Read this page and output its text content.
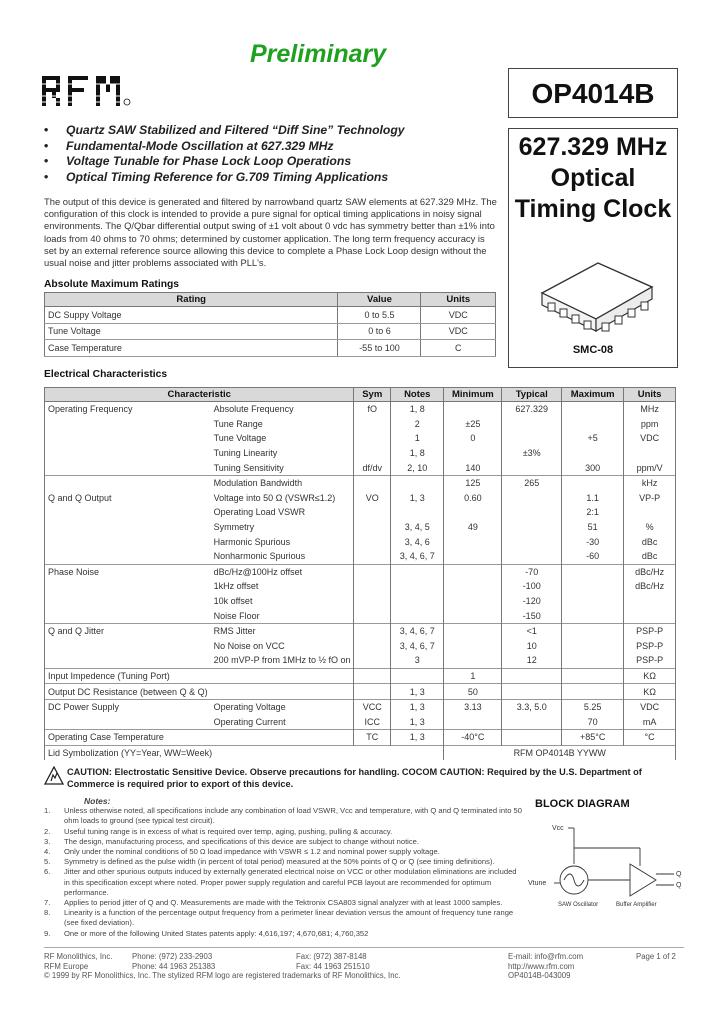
Preliminary
OP4014B
627.329 MHz
Optical
Timing Clock
SMC-08
• Quartz SAW Stabilized and Filtered “Diff Sine” Technology
• Fundamental-Mode Oscillation at 627.329 MHz
• Voltage Tunable for Phase Lock Loop Operations
• Optical Timing Reference for G.709 Timing Applications
The output of this device is generated and filtered by narrowband quartz SAW elements at 627.329 MHz. The configuration of this clock is intended to provide a pure signal for optical timing applications in noisy signal environments. The Q/Qbar differential output swing of ±1 volt about 0 vdc has symmetry better than ±1% into loads from 40 ohms to 70 ohms; determined by customer application. The long term frequency accuracy is set by an external reference source allowing this device to complete a Phase Lock Loop design without the usual noise and jitter problems associated with PLL's.
Absolute Maximum Ratings
Rating	Value	Units
DC Suppy Voltage	0 to 5.5	VDC
Tune Voltage	0 to 6	VDC
Case Temperature	-55 to 100	C
Electrical Characteristics
Characteristic		Sym	Notes	Minimum	Typical	Maximum	Units
Operating Frequency	Absolute Frequency	fO	1, 8		627.329		MHz
	Tune Range		2	±25			ppm
	Tune Voltage		1	0		+5	VDC
	Tuning Linearity		1, 8		±3%		
	Tuning Sensitivity	df/dv	2, 10	140		300	ppm/V
	Modulation Bandwidth			125	265		kHz
Q and Q Output	Voltage into 50 Ω (VSWR≤1.2)	VO	1, 3	0.60		1.1	VP-P
	Operating Load VSWR					2:1	
	Symmetry		3, 4, 5	49		51	%
	Harmonic Spurious		3, 4, 6			-30	dBc
	Nonharmonic Spurious		3, 4, 6, 7			-60	dBc
Phase Noise	dBc/Hz@100Hz offset				-70		dBc/Hz
	1kHz offset				-100		dBc/Hz
	10k offset				-120		
	Noise Floor				-150		
Q and Q Jitter	RMS Jitter		3, 4, 6, 7		<1		PSP-P
	No Noise on VCC		3, 4, 6, 7		10		PSP-P
	200 mVP-P from 1MHz to ½ fO on		3		12		PSP-P
Input Impedence (Tuning Port)				1			KΩ
Output DC Resistance (between Q & Q)			1, 3	50			KΩ
DC Power Supply	Operating Voltage	VCC	1, 3	3.13	3.3, 5.0	5.25	VDC
	Operating Current	ICC	1, 3			70	mA
Operating Case Temperature		TC	1, 3	-40°C		+85°C	°C
Lid Symbolization (YY=Year, WW=Week)				RFM OP4014B YYWW			
CAUTION: Electrostatic Sensitive Device. Observe precautions for handling. COCOM CAUTION: Required by the U.S. Department of Commerce is required prior to export of this device.
Notes:
1. Unless otherwise noted, all specifications include any combination of load VSWR, Vcc and temperature, with Q and Q terminated into 50 ohm loads to ground (see typical test circuit).
2. Useful tuning range is in excess of what is required over temp, aging, pushing, pulling & accuracy.
3. The design, manufacturing process, and specifications of this device are subject to change without notice.
4. Only under the nominal conditions of 50 Ω load impedance with VSWR ≤ 1.2 and nominal power supply voltage.
5. Symmetry is defined as the pulse width (in percent of total period) measured at the 50% points of Q or Q (see timing definitions).
6. Jitter and other spurious outputs induced by externally generated electrical noise on VCC or other modulation eliminations are included in this specification except where noted. Proper power supply regulation and careful PCB layout are recommended for optimum performance.
7. Applies to period jitter of Q and Q. Measurements are made with the Tektronix CSA803 signal analyzer with at least 1000 samples.
8. Linearity is a function of the percentage output frequency from a perimeter linear deviation versus the amount of frequency tune range (see fixed deviation).
9. One or more of the following United States patents apply: 4,616,197; 4,670,681; 4,760,352
BLOCK DIAGRAM
Vcc
Vtune
SAW Oscillator	Buffer Amplifier
Q
Q
RF Monolithics, Inc.	Phone: (972) 233-2903	Fax: (972) 387-8148	E-mail: info@rfm.com	Page 1 of 2
RFM Europe	Phone: 44 1963 251383	Fax: 44 1963 251510	http://www.rfm.com
© 1999 by RF Monolithics, Inc. The stylized RFM logo are registered trademarks of RF Monolithics, Inc.	OP4014B-043009
